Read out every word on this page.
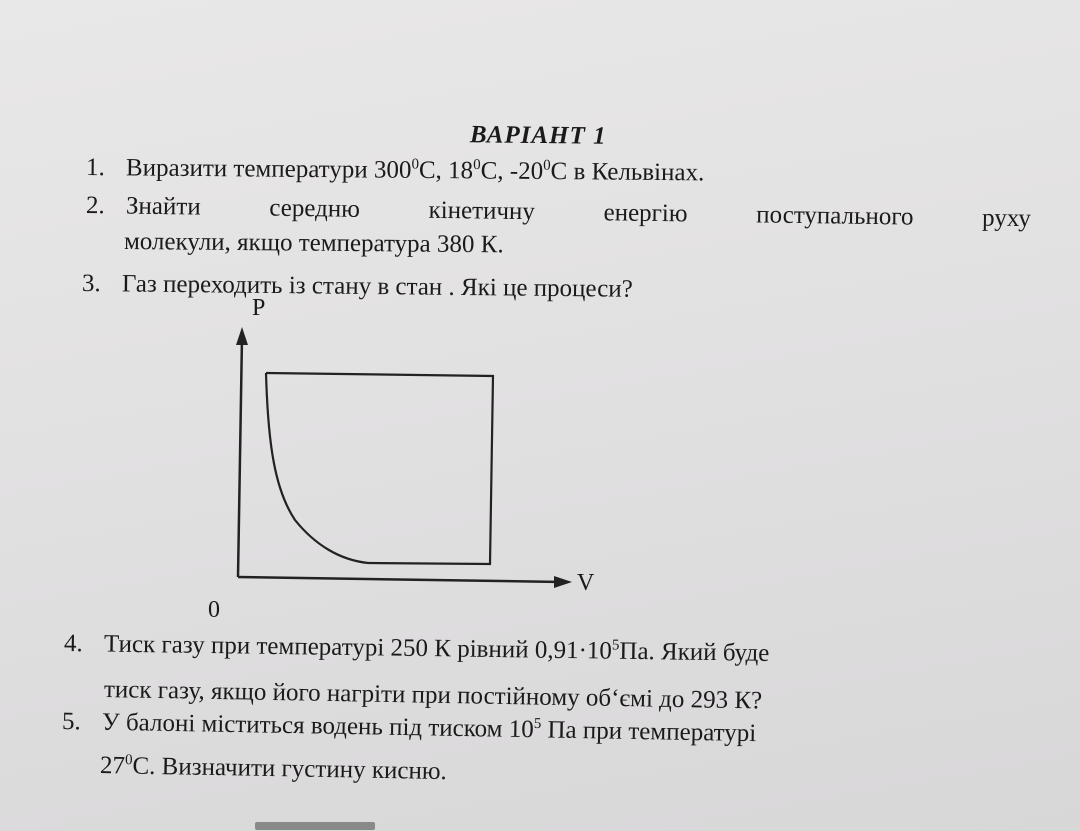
ВАРІАНТ 1
1. Виразити температури $300^0С$, $18^0С$, $-20^0С$ в Кельвінах.
2. Знайти	середню	кінетичну	енергію	поступального	руху
молекули, якщо температура 380 К.
3. Газ переходить із стану в стан . Які це процеси?
P
V
0
4. Тиск газу при температурі 250 К рівний $0,91\cdot 10^5Па$. Який буде
тиск газу, якщо його нагріти при постійному об‘ємі до 293 К?
5. У балоні міститься водень під тиском $10^5$ Па при температурі
$27^0С$. Визначити густину кисню.
